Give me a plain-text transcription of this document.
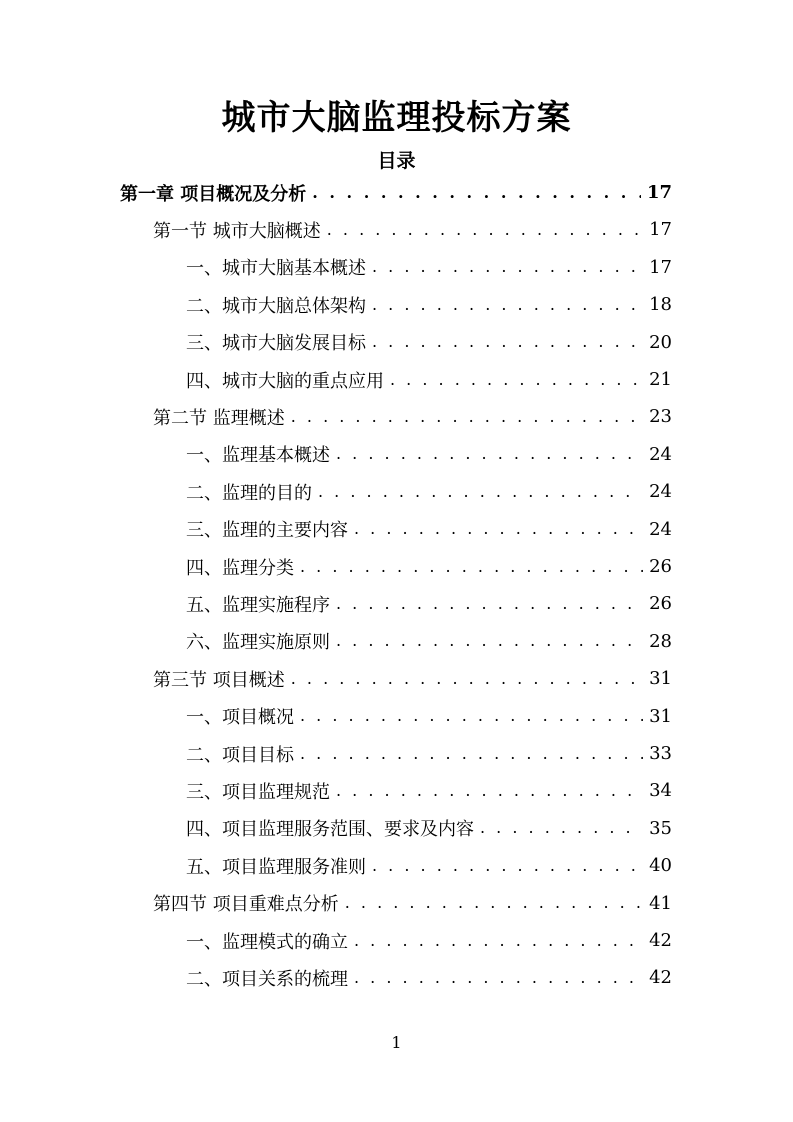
城市大脑监理投标方案
目录
第一章 项目概况及分析 . . .	17
第一节 城市大脑概述 . . .	17
一、城市大脑基本概述 . . .	17
二、城市大脑总体架构 . . .	18
三、城市大脑发展目标 . . .	20
四、城市大脑的重点应用 . . .	21
第二节 监理概述 . . .	23
一、监理基本概述 . . .	24
二、监理的目的 . . .	24
三、监理的主要内容 . . .	24
四、监理分类 . . .	26
五、监理实施程序 . . .	26
六、监理实施原则 . . .	28
第三节 项目概述 . . .	31
一、项目概况 . . .	31
二、项目目标 . . .	33
三、项目监理规范 . . .	34
四、项目监理服务范围、要求及内容 . . .	35
五、项目监理服务准则 . . .	40
第四节 项目重难点分析 . . .	41
一、监理模式的确立 . . .	42
二、项目关系的梳理 . . .	42
1
